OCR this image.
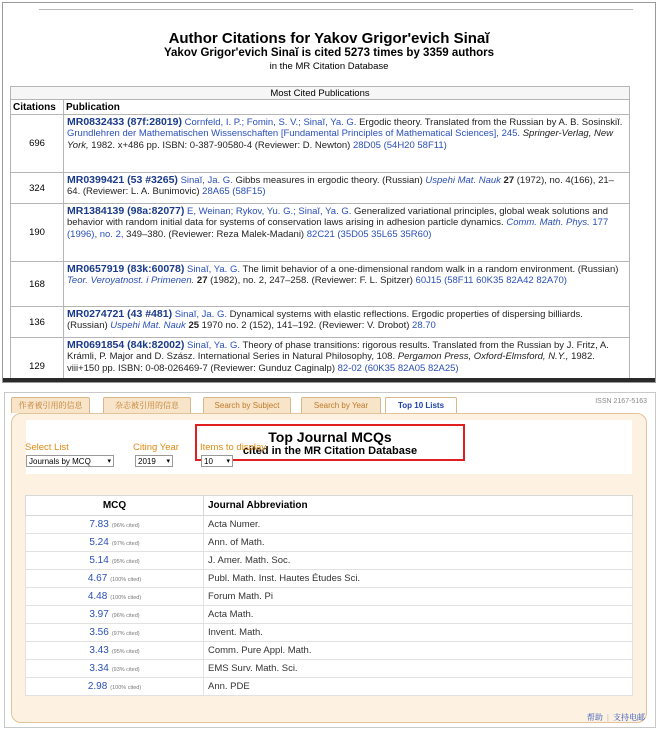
Author Citations for Yakov Grigor'evich Sinaĭ
Yakov Grigor'evich Sinaĭ is cited 5273 times by 3359 authors
in the MR Citation Database
Most Cited Publications	
Citations	Publication
696	MR0832433 (87f:28019) Cornfeld, I. P.; Fomin, S. V.; Sinaĭ, Ya. G. Ergodic theory. Translated from the Russian by A. B. Sosinskiĭ. Grundlehren der Mathematischen Wissenschaften [Fundamental Principles of Mathematical Sciences], 245. Springer-Verlag, New York, 1982. x+486 pp. ISBN: 0-387-90580-4 (Reviewer: D. Newton) 28D05 (54H20 58F11)
324	MR0399421 (53 #3265) Sinaĭ, Ja. G. Gibbs measures in ergodic theory. (Russian) Uspehi Mat. Nauk 27 (1972), no. 4(166), 21–64. (Reviewer: L. A. Bunimovic) 28A65 (58F15)
190	MR1384139 (98a:82077) E, Weinan; Rykov, Yu. G.; Sinaĭ, Ya. G. Generalized variational principles, global weak solutions and behavior with random initial data for systems of conservation laws arising in adhesion particle dynamics. Comm. Math. Phys. 177 (1996), no. 2, 349–380. (Reviewer: Reza Malek-Madani) 82C21 (35D05 35L65 35R60)
168	MR0657919 (83k:60078) Sinaĭ, Ya. G. The limit behavior of a one-dimensional random walk in a random environment. (Russian) Teor. Veroyatnost. i Primenen. 27 (1982), no. 2, 247–258. (Reviewer: F. L. Spitzer) 60J15 (58F11 60K35 82A42 82A70)
136	MR0274721 (43 #481) Sinaĭ, Ja. G. Dynamical systems with elastic reflections. Ergodic properties of dispersing billiards. (Russian) Uspehi Mat. Nauk 25 1970 no. 2 (152), 141–192. (Reviewer: V. Drobot) 28.70
129	MR0691854 (84k:82002) Sinaĭ, Ya. G. Theory of phase transitions: rigorous results. Translated from the Russian by J. Fritz, A. Krámli, P. Major and D. Szász. International Series in Natural Philosophy, 108. Pergamon Press, Oxford-Elmsford, N.Y., 1982. viii+150 pp. ISBN: 0-08-026469-7 (Reviewer: Gunduz Caginalp) 82-02 (60K35 82A05 82A25)
作者被引用的信息	杂志被引用的信息	Search by Subject	Search by Year	Top 10 Lists	ISSN 2167-5163
Top Journal MCQs
cited in the MR Citation Database
Select List	Citing Year Items to display
Journals by MCQ ▾	2019 ▾	10 ▾
MCQ	Journal Abbreviation
7.83 (96% cited)	Acta Numer.
5.24 (97% cited)	Ann. of Math.
5.14 (95% cited)	J. Amer. Math. Soc.
4.67 (100% cited)	Publ. Math. Inst. Hautes Études Sci.
4.48 (100% cited)	Forum Math. Pi
3.97 (96% cited)	Acta Math.
3.56 (97% cited)	Invent. Math.
3.43 (95% cited)	Comm. Pure Appl. Math.
3.34 (93% cited)	EMS Surv. Math. Sci.
2.98 (100% cited)	Ann. PDE
帮助 | 支持电邮
